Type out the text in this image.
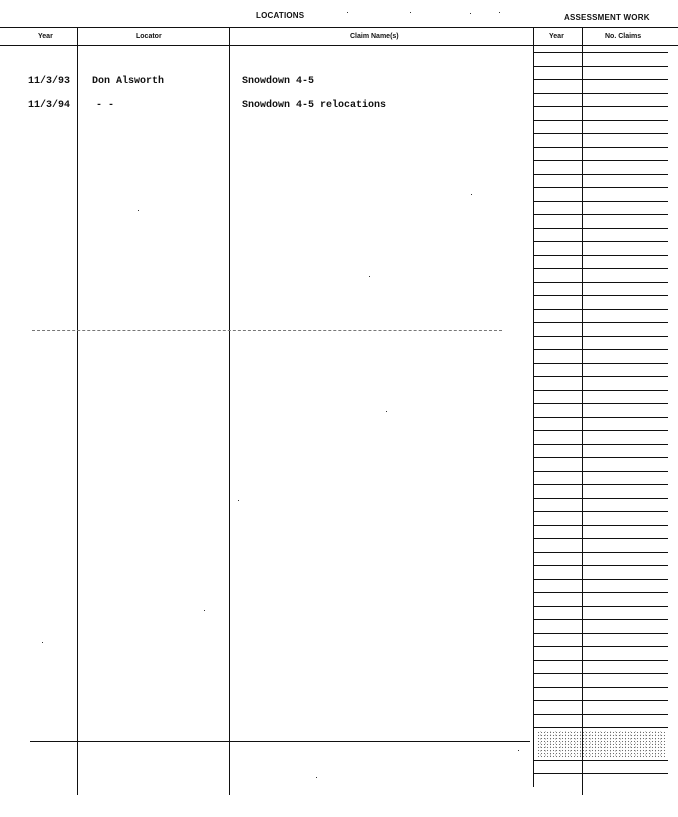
LOCATIONS	ASSESSMENT WORK
Year	Locator	Claim Name(s)	Year	No. Claims
11/3/93 Don Alsworth	Snowdown 4-5
11/3/94	- -	Snowdown 4-5 relocations
